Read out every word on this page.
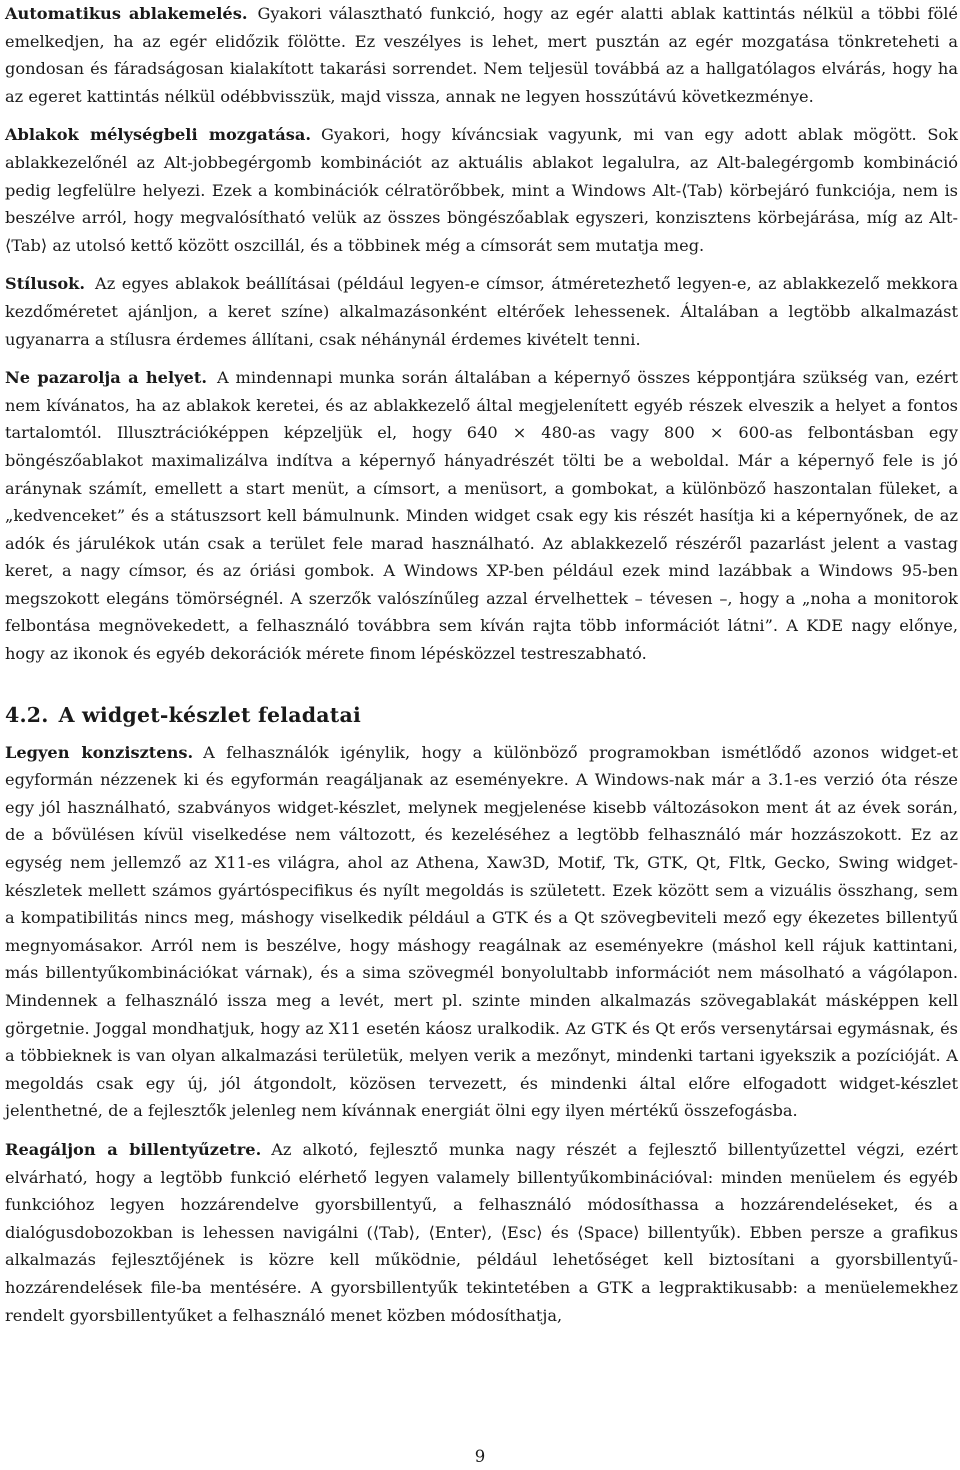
Automatikus ablakemelés. Gyakori választható funkció, hogy az egér alatti ablak kattintás nélkül a többi fölé emelkedjen, ha az egér elidőzik fölötte. Ez veszélyes is lehet, mert pusztán az egér mozgatása tönkreteheti a gondosan és fáradságosan kialakított takarási sorrendet. Nem teljesül továbbá az a hallgatólagos elvárás, hogy ha az egeret kattintás nélkül odébbvisszük, majd vissza, annak ne legyen hosszútávú következménye.

Ablakok mélységbeli mozgatása. Gyakori, hogy kíváncsiak vagyunk, mi van egy adott ablak mögött. Sok ablakkezelőnél az Alt-jobbegérgomb kombinációt az aktuális ablakot legalulra, az Alt-balegérgomb kombináció pedig legfelülre helyezi. Ezek a kombinációk célratörőbbek, mint a Windows Alt-⟨Tab⟩ körbejáró funkciója, nem is beszélve arról, hogy megvalósítható velük az összes böngészőablak egyszeri, konzisztens körbejárása, míg az Alt-⟨Tab⟩ az utolsó kettő között oszcillál, és a többinek még a címsorát sem mutatja meg.

Stílusok. Az egyes ablakok beállításai (például legyen-e címsor, átméretezhető legyen-e, az ablakkezelő mekkora kezdőméretet ajánljon, a keret színe) alkalmazásonként eltérőek lehessenek. Általában a legtöbb alkalmazást ugyanarra a stílusra érdemes állítani, csak néhánynál érdemes kivételt tenni.

Ne pazarolja a helyet. A mindennapi munka során általában a képernyő összes képpontjára szükség van, ezért nem kívánatos, ha az ablakok keretei, és az ablakkezelő által megjelenített egyéb részek elveszik a helyet a fontos tartalomtól. Illusztrációképpen képzeljük el, hogy 640 × 480-as vagy 800 × 600-as felbontásban egy böngészőablakot maximalizálva indítva a képernyő hányadrészét tölti be a weboldal. Már a képernyő fele is jó aránynak számít, emellett a start menüt, a címsort, a menüsort, a gombokat, a különböző haszontalan füleket, a „kedvenceket” és a státuszsort kell bámulnunk. Minden widget csak egy kis részét hasítja ki a képernyőnek, de az adók és járulékok után csak a terület fele marad használható. Az ablakkezelő részéről pazarlást jelent a vastag keret, a nagy címsor, és az óriási gombok. A Windows XP-ben például ezek mind lazábbak a Windows 95-ben megszokott elegáns tömörségnél. A szerzők valószínűleg azzal érvelhettek – tévesen –, hogy a „noha a monitorok felbontása megnövekedett, a felhasználó továbbra sem kíván rajta több információt látni”. A KDE nagy előnye, hogy az ikonok és egyéb dekorációk mérete finom lépésközzel testreszabható.

4.2. A widget-készlet feladatai

Legyen konzisztens. A felhasználók igénylik, hogy a különböző programokban ismétlődő azonos widget-et egyformán nézzenek ki és egyformán reagáljanak az eseményekre. A Windows-nak már a 3.1-es verzió óta része egy jól használható, szabványos widget-készlet, melynek megjelenése kisebb változásokon ment át az évek során, de a bővülésen kívül viselkedése nem változott, és kezeléséhez a legtöbb felhasználó már hozzászokott. Ez az egység nem jellemző az X11-es világra, ahol az Athena, Xaw3D, Motif, Tk, GTK, Qt, Fltk, Gecko, Swing widget-készletek mellett számos gyártóspecifikus és nyílt megoldás is született. Ezek között sem a vizuális összhang, sem a kompatibilitás nincs meg, máshogy viselkedik például a GTK és a Qt szövegbeviteli mező egy ékezetes billentyű megnyomásakor. Arról nem is beszélve, hogy máshogy reagálnak az eseményekre (máshol kell rájuk kattintani, más billentyűkombinációkat várnak), és a sima szövegmél bonyolultabb információt nem másolható a vágólapon. Mindennek a felhasználó issza meg a levét, mert pl. szinte minden alkalmazás szövegablakát másképpen kell görgetnie. Joggal mondhatjuk, hogy az X11 esetén káosz uralkodik. Az GTK és Qt erős versenytársai egymásnak, és a többieknek is van olyan alkalmazási területük, melyen verik a mezőnyt, mindenki tartani igyekszik a pozícióját. A megoldás csak egy új, jól átgondolt, közösen tervezett, és mindenki által előre elfogadott widget-készlet jelenthetné, de a fejlesztők jelenleg nem kívánnak energiát ölni egy ilyen mértékű összefogásba.

Reagáljon a billentyűzetre. Az alkotó, fejlesztő munka nagy részét a fejlesztő billentyűzettel végzi, ezért elvárható, hogy a legtöbb funkció elérhető legyen valamely billentyűkombinációval: minden menüelem és egyéb funkcióhoz legyen hozzárendelve gyorsbillentyű, a felhasználó módosíthassa a hozzárendeléseket, és a dialógusdobozokban is lehessen navigálni (⟨Tab⟩, ⟨Enter⟩, ⟨Esc⟩ és ⟨Space⟩ billentyűk). Ebben persze a grafikus alkalmazás fejlesztőjének is közre kell működnie, például lehetőséget kell biztosítani a gyorsbillentyű-hozzárendelések file-ba mentésére. A gyorsbillentyűk tekintetében a GTK a legpraktikusabb: a menüelemekhez rendelt gyorsbillentyűket a felhasználó menet közben módosíthatja,

9
